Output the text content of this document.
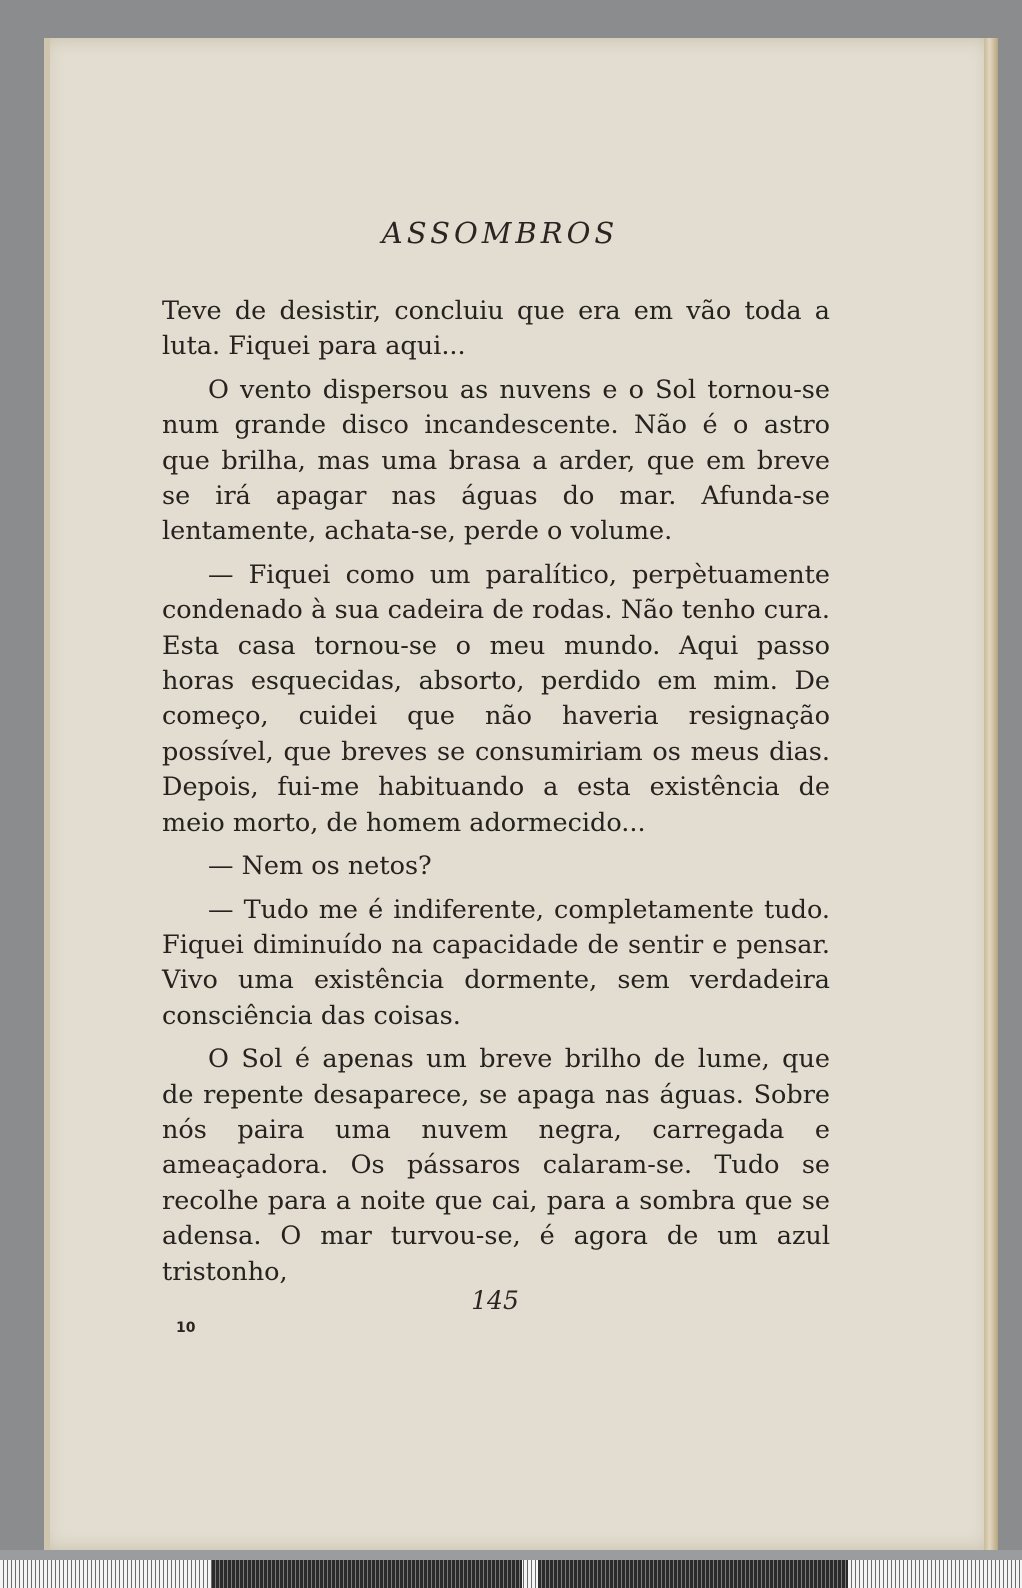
ASSOMBROS

Teve de desistir, concluiu que era em vão toda a luta. Fiquei para aqui...

O vento dispersou as nuvens e o Sol tornou-se num grande disco incandescente. Não é o astro que brilha, mas uma brasa a arder, que em breve se irá apagar nas águas do mar. Afunda-se lentamente, achata-se, perde o volume.

— Fiquei como um paralítico, perpètuamente condenado à sua cadeira de rodas. Não tenho cura. Esta casa tornou-se o meu mundo. Aqui passo horas esquecidas, absorto, perdido em mim. De começo, cuidei que não haveria resignação possível, que breves se consumiriam os meus dias. Depois, fui-me habituando a esta existência de meio morto, de homem adormecido...

— Nem os netos?

— Tudo me é indiferente, completamente tudo. Fiquei diminuído na capacidade de sentir e pensar. Vivo uma existência dormente, sem verdadeira consciência das coisas.

O Sol é apenas um breve brilho de lume, que de repente desaparece, se apaga nas águas. Sobre nós paira uma nuvem negra, carregada e ameaçadora. Os pássaros calaram-se. Tudo se recolhe para a noite que cai, para a sombra que se adensa. O mar turvou-se, é agora de um azul tristonho,

145
10
